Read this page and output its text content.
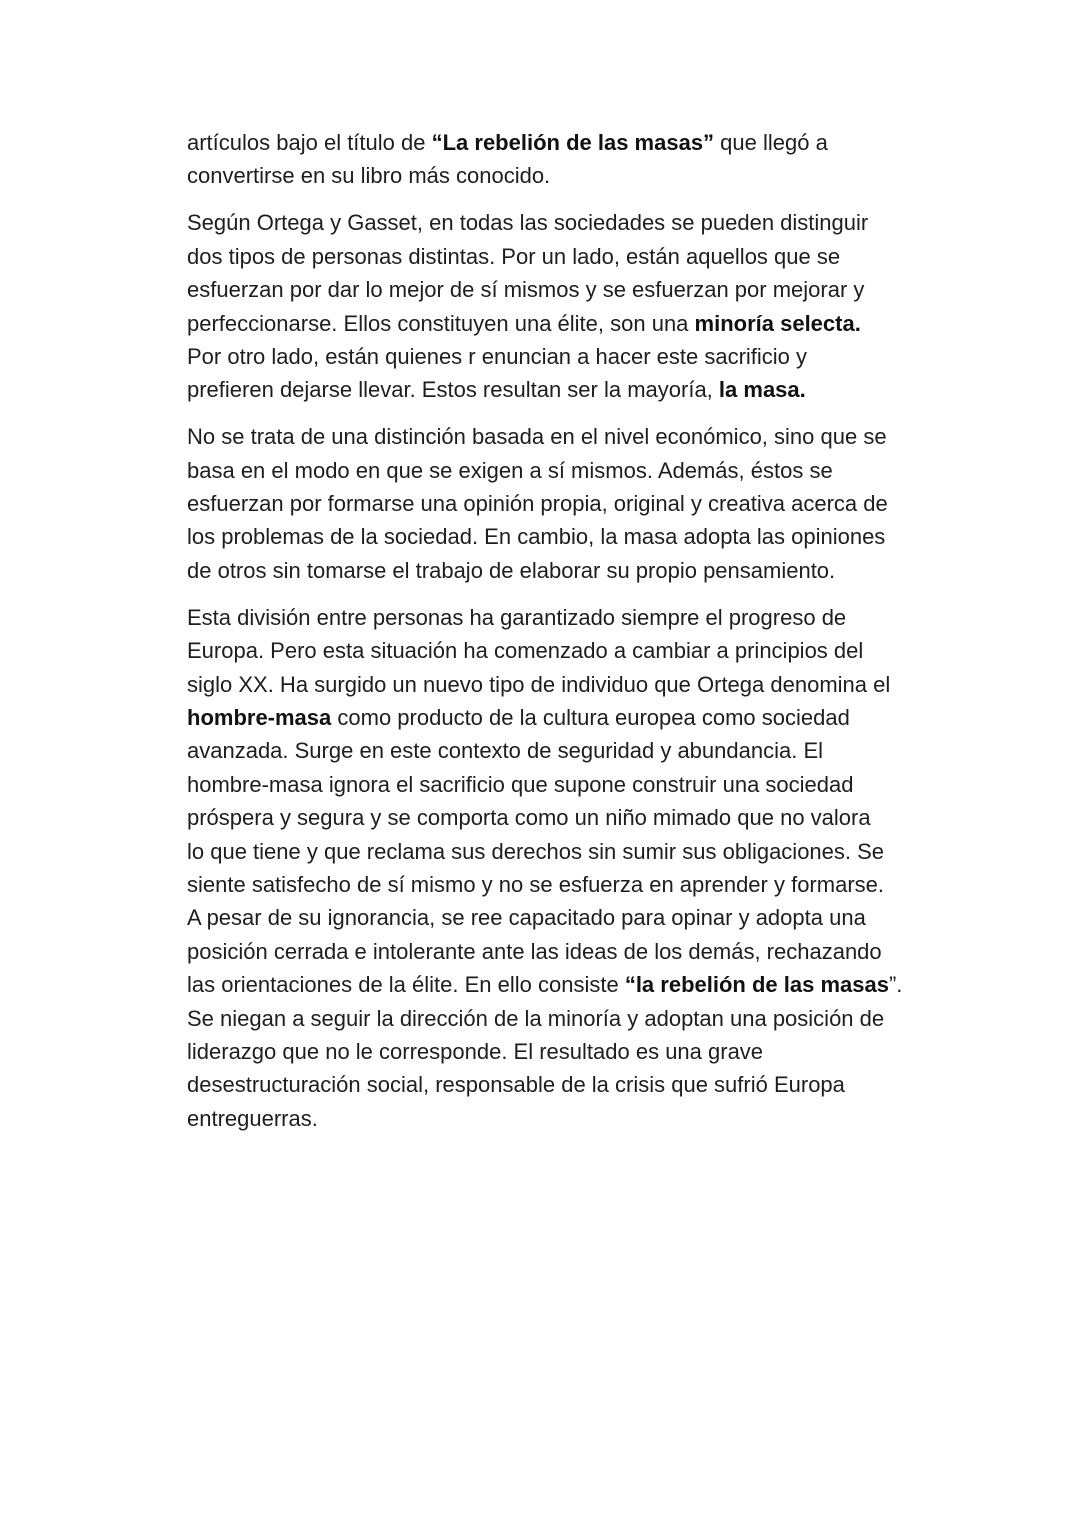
artículos bajo el título de “La rebelión de las masas” que llegó a
convertirse en su libro más conocido.
Según Ortega y Gasset, en todas las sociedades se pueden distinguir
dos tipos de personas distintas. Por un lado, están aquellos que se
esfuerzan por dar lo mejor de sí mismos y se esfuerzan por mejorar y
perfeccionarse. Ellos constituyen una élite, son una minoría selecta.
Por otro lado, están quienes r enuncian a hacer este sacrificio y
prefieren dejarse llevar. Estos resultan ser la mayoría, la masa.
No se trata de una distinción basada en el nivel económico, sino que se
basa en el modo en que se exigen a sí mismos. Además, éstos se
esfuerzan por formarse una opinión propia, original y creativa acerca de
los problemas de la sociedad. En cambio, la masa adopta las opiniones
de otros sin tomarse el trabajo de elaborar su propio pensamiento.
Esta división entre personas ha garantizado siempre el progreso de
Europa. Pero esta situación ha comenzado a cambiar a principios del
siglo XX. Ha surgido un nuevo tipo de individuo que Ortega denomina el
hombre-masa como producto de la cultura europea como sociedad
avanzada. Surge en este contexto de seguridad y abundancia. El
hombre-masa ignora el sacrificio que supone construir una sociedad
próspera y segura y se comporta como un niño mimado que no valora
lo que tiene y que reclama sus derechos sin sumir sus obligaciones. Se
siente satisfecho de sí mismo y no se esfuerza en aprender y formarse.
A pesar de su ignorancia, se ree capacitado para opinar y adopta una
posición cerrada e intolerante ante las ideas de los demás, rechazando
las orientaciones de la élite. En ello consiste “la rebelión de las masas”.
Se niegan a seguir la dirección de la minoría y adoptan una posición de
liderazgo que no le corresponde. El resultado es una grave
desestructuración social, responsable de la crisis que sufrió Europa
entreguerras.
